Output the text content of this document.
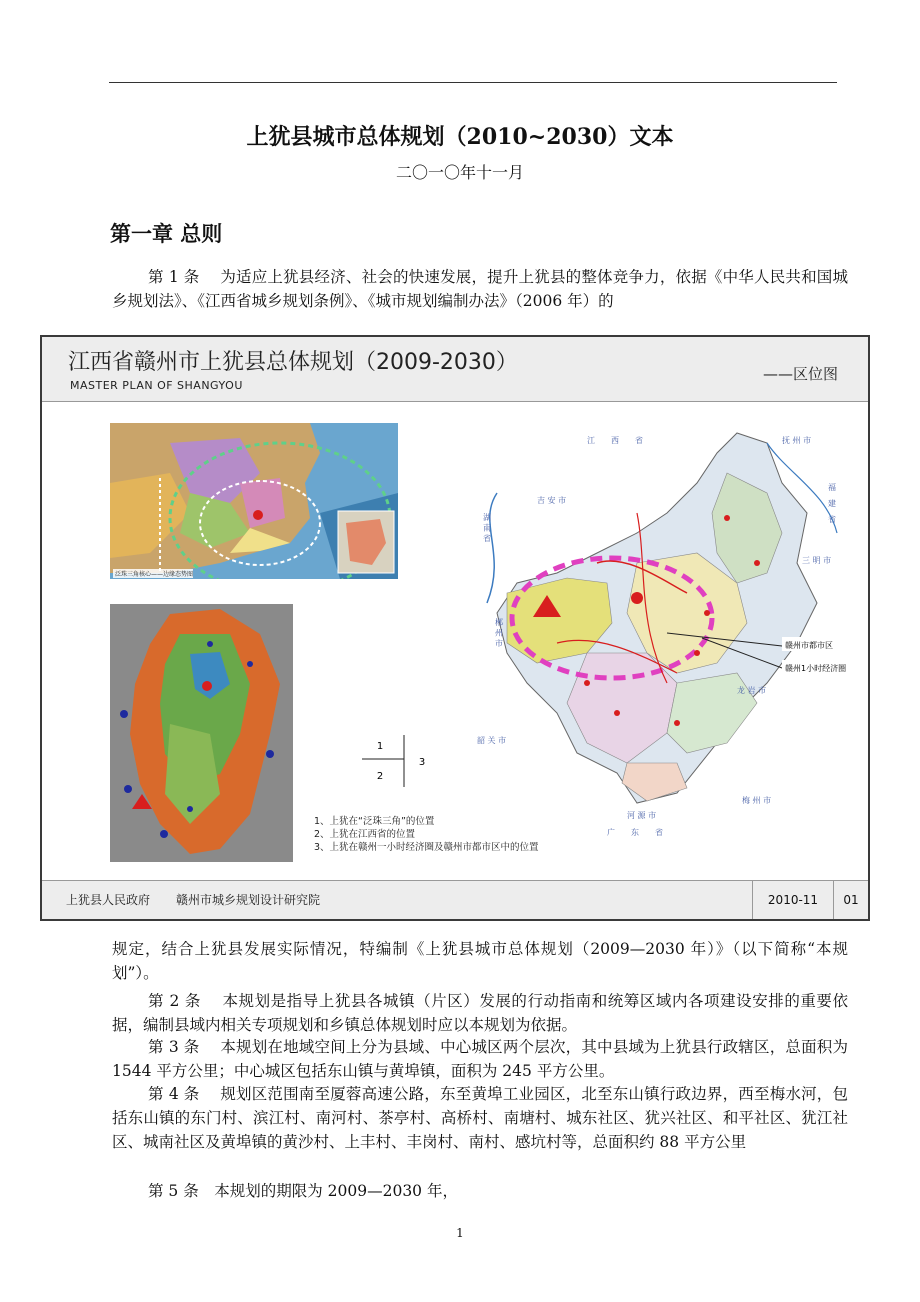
上犹县城市总体规划（2010~2030）文本
二〇一〇年十一月
第一章 总则
第 1 条　 为适应上犹县经济、社会的快速发展，提升上犹县的整体竞争力，依据《中华人民共和国城乡规划法》、《江西省城乡规划条例》、《城市规划编制办法》（2006 年）的
江西省赣州市上犹县总体规划（2009-2030）
MASTER PLAN OF SHANGYOU
——区位图
泛珠三角核心——边缘态势图
1
2
3
1、上犹在“泛珠三角”的位置
2、上犹在江西省的位置
3、上犹在赣州一小时经济圈及赣州市都市区中的位置
赣州市都市区
赣州1小时经济圈
江　　西　　省	抚 州 市
吉 安 市
三 明 市
龙 岩 市
韶 关 市
河 源 市
梅 州 市
广　　东　　省
湖 南 省
郴 州 市
福　建　省
上犹县人民政府 赣州市城乡规划设计研究院	2010-11	01
规定，结合上犹县发展实际情况，特编制《上犹县城市总体规划（2009—2030 年）》（以下简称“本规划”）。
第 2 条　 本规划是指导上犹县各城镇（片区）发展的行动指南和统筹区域内各项建设安排的重要依据，编制县域内相关专项规划和乡镇总体规划时应以本规划为依据。
第 3 条　 本规划在地域空间上分为县域、中心城区两个层次，其中县域为上犹县行政辖区，总面积为 1544 平方公里；中心城区包括东山镇与黄埠镇，面积为 245 平方公里。
第 4 条　 规划区范围南至厦蓉高速公路，东至黄埠工业园区，北至东山镇行政边界，西至梅水河，包括东山镇的东门村、滨江村、南河村、茶亭村、高桥村、南塘村、城东社区、犹兴社区、和平社区、犹江社区、城南社区及黄埠镇的黄沙村、上丰村、丰岗村、南村、感坑村等，总面积约 88 平方公里
第 5 条　本规划的期限为 2009—2030 年，
1
